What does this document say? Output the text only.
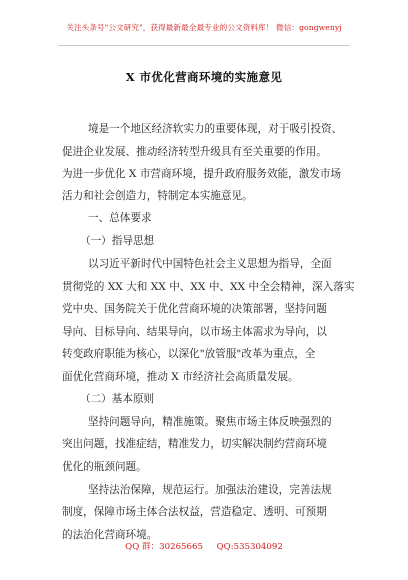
关注头条号"公文研究"，获得最新最全最专业的公文资料库！ 微信：gongwenyj
X 市优化营商环境的实施意见
境是一个地区经济软实力的重要体现，对于吸引投资、
促进企业发展、推动经济转型升级具有至关重要的作用。
为进一步优化 X 市营商环境，提升政府服务效能，激发市场
活力和社会创造力，特制定本实施意见。
一、总体要求
（一）指导思想
以习近平新时代中国特色社会主义思想为指导，全面
贯彻党的 XX 大和 XX 中、XX 中、XX 中全会精神，深入落实
党中央、国务院关于优化营商环境的决策部署，坚持问题
导向、目标导向、结果导向，以市场主体需求为导向，以
转变政府职能为核心，以深化"放管服"改革为重点，全
面优化营商环境，推动 X 市经济社会高质量发展。
（二）基本原则
坚持问题导向，精准施策。聚焦市场主体反映强烈的
突出问题，找准症结，精准发力，切实解决制约营商环境
优化的瓶颈问题。
坚持法治保障，规范运行。加强法治建设，完善法规
制度，保障市场主体合法权益，营造稳定、透明、可预期
的法治化营商环境。
QQ 群：30265665 QQ:535304092
